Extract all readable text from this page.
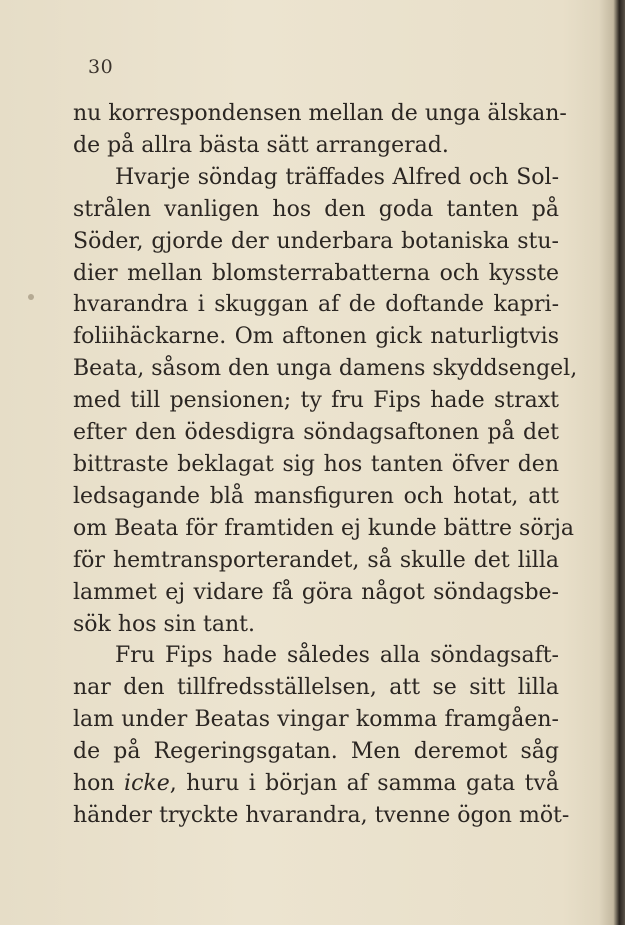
30
nu korrespondensen mellan de unga älskan-
de på allra bästa sätt arrangerad.
Hvarje söndag träffades Alfred och Sol-
strålen vanligen hos den goda tanten på
Söder, gjorde der underbara botaniska stu-
dier mellan blomsterrabatterna och kysste
hvarandra i skuggan af de doftande kapri-
foliihäckarne. Om aftonen gick naturligtvis
Beata, såsom den unga damens skyddsengel,
med till pensionen; ty fru Fips hade straxt
efter den ödesdigra söndagsaftonen på det
bittraste beklagat sig hos tanten öfver den
ledsagande blå mansfiguren och hotat, att
om Beata för framtiden ej kunde bättre sörja
för hemtransporterandet, så skulle det lilla
lammet ej vidare få göra något söndagsbe-
sök hos sin tant.
Fru Fips hade således alla söndagsaft-
nar den tillfredsställelsen, att se sitt lilla
lam under Beatas vingar komma framgåen-
de på Regeringsgatan. Men deremot såg
hon icke, huru i början af samma gata två
händer tryckte hvarandra, tvenne ögon möt-
